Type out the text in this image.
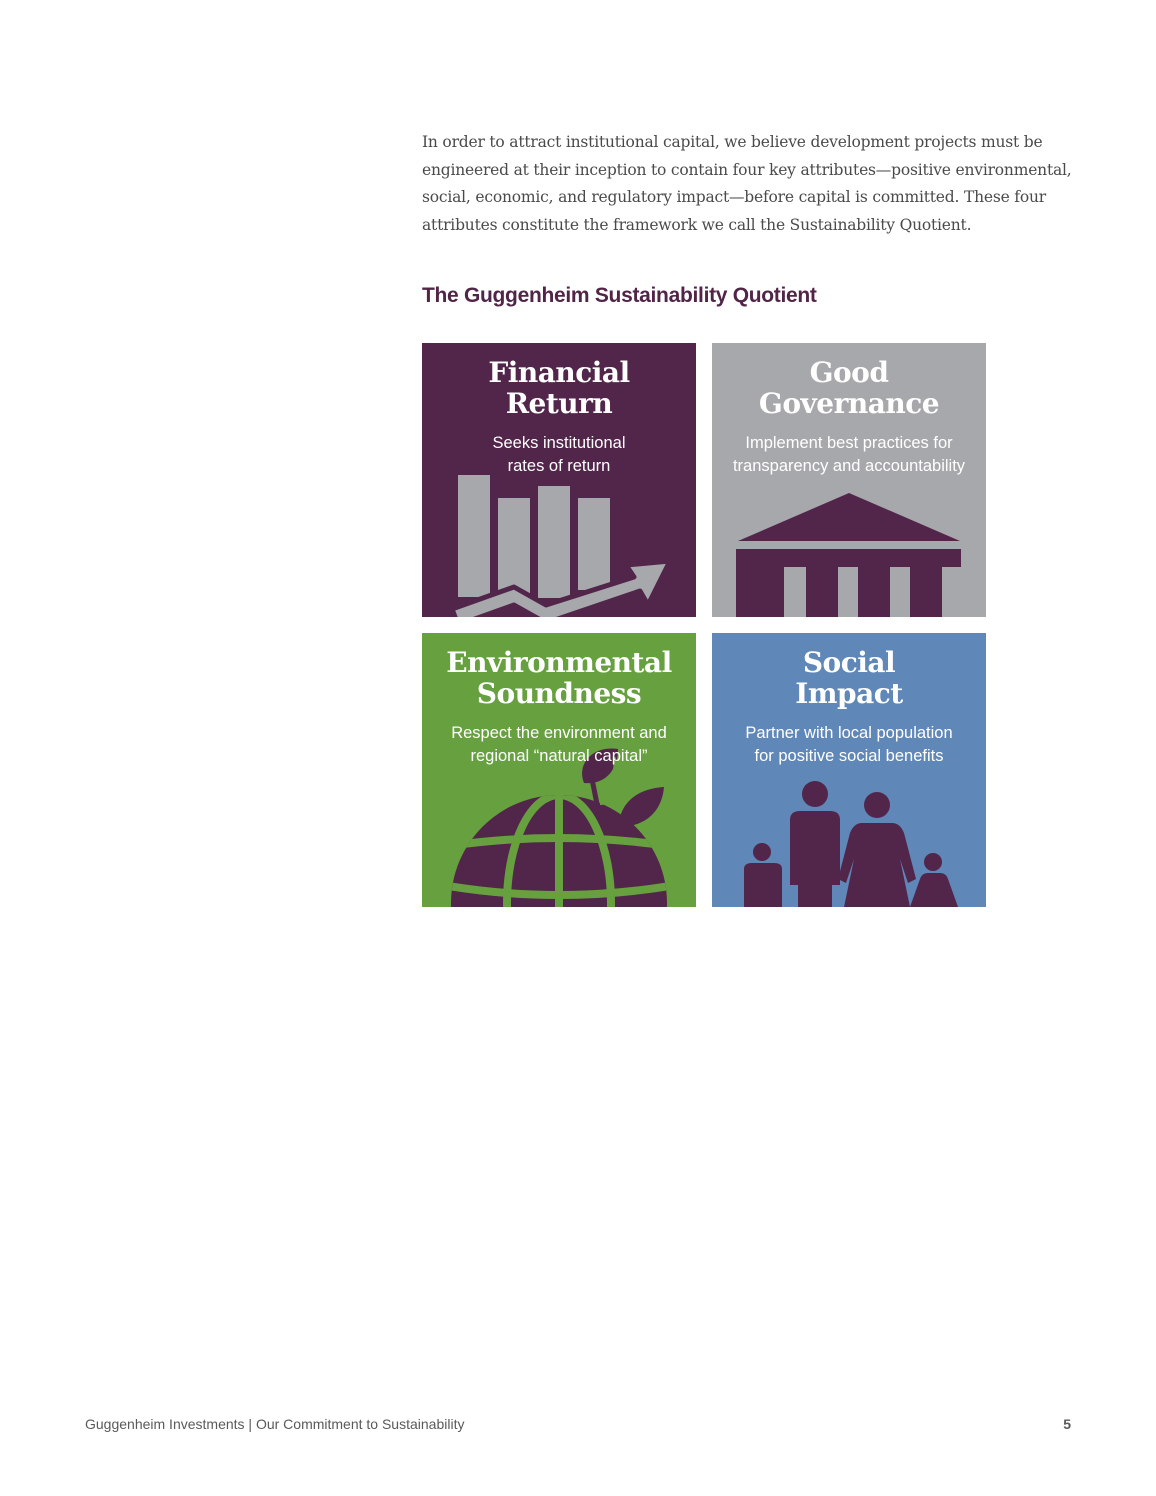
In order to attract institutional capital, we believe development projects must be engineered at their inception to contain four key attributes—positive environmental, social, economic, and regulatory impact—before capital is committed. These four attributes constitute the framework we call the Sustainability Quotient.

The Guggenheim Sustainability Quotient
Financial
Return

Seeks institutional
rates of return

Good
Governance

Implement best practices for
transparency and accountability

Environmental
Soundness

Respect the environment and
regional “natural capital”

Social
Impact

Partner with local population
for positive social benefits

Guggenheim Investments | Our Commitment to Sustainability	5
